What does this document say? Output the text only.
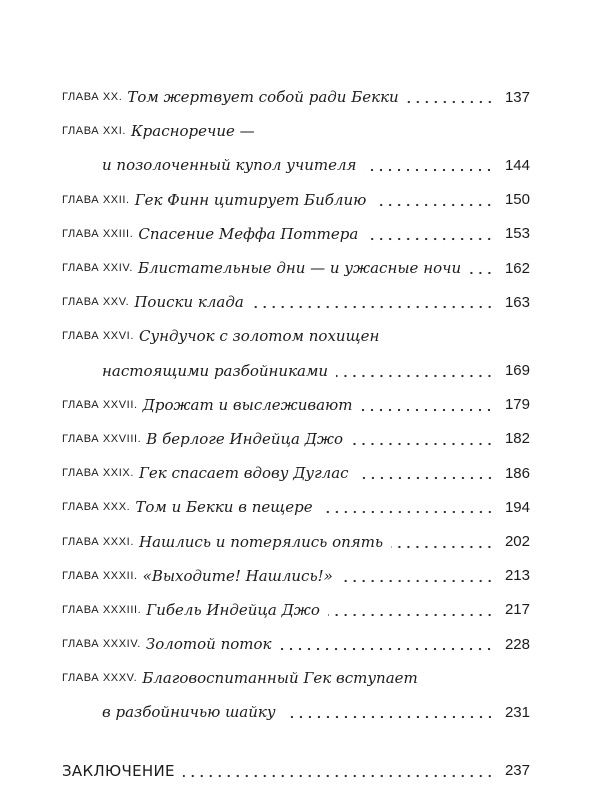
ГЛАВА XX. Том жертвует собой ради Бекки	137
ГЛАВА XXI. Красноречие —
и позолоченный купол учителя	144
ГЛАВА XXII. Гек Финн цитирует Библию	150
ГЛАВА XXIII. Спасение Меффа Поттера	153
ГЛАВА XXIV. Блистательные дни — и ужасные ночи	162
ГЛАВА XXV. Поиски клада	163
ГЛАВА XXVI. Сундучок с золотом похищен
настоящими разбойниками	169
ГЛАВА XXVII. Дрожат и выслеживают	179
ГЛАВА XXVIII. В берлоге Индейца Джо	182
ГЛАВА XXIX. Гек спасает вдову Дуглас	186
ГЛАВА XXX. Том и Бекки в пещере	194
ГЛАВА XXXI. Нашлись и потерялись опять	202
ГЛАВА XXXII. «Выходите! Нашлись!»	213
ГЛАВА XXXIII. Гибель Индейца Джо	217
ГЛАВА XXXIV. Золотой поток	228
ГЛАВА XXXV. Благовоспитанный Гек вступает
в разбойничью шайку	231
ЗАКЛЮЧЕНИЕ	237
